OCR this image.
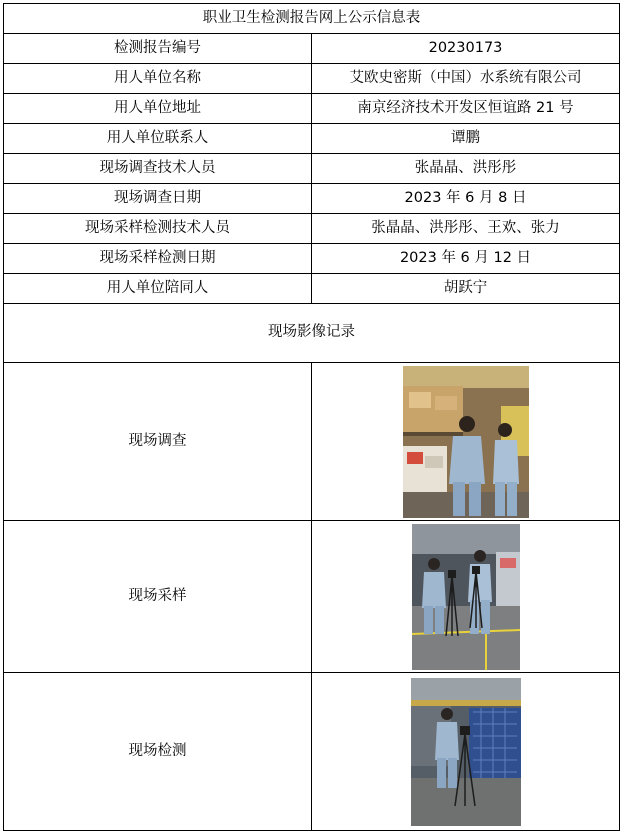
职业卫生检测报告网上公示信息表	
检测报告编号	20230173
用人单位名称	艾欧史密斯（中国）水系统有限公司
用人单位地址	南京经济技术开发区恒谊路 21 号
用人单位联系人	谭鹏
现场调查技术人员	张晶晶、洪彤彤
现场调查日期	2023 年 6 月 8 日
现场采样检测技术人员	张晶晶、洪彤彤、王欢、张力
现场采样检测日期	2023 年 6 月 12 日
用人单位陪同人	胡跃宁
现场影像记录	
现场调查	

现场采样	

现场检测	
